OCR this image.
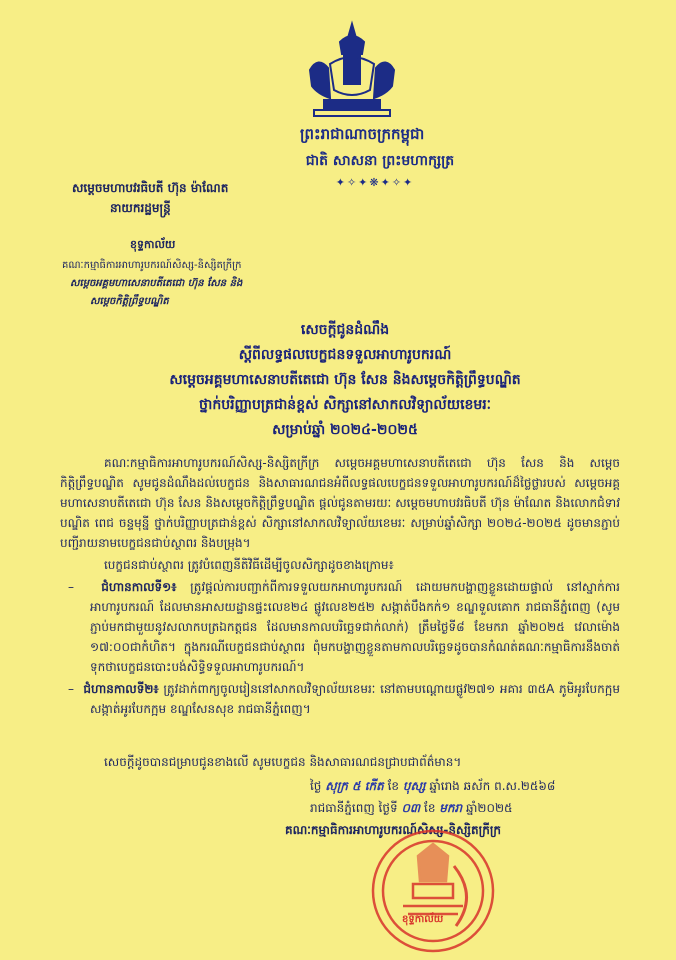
ព្រះរាជាណាចក្រកម្ពុជា
ជាតិ សាសនា ព្រះមហាក្សត្រ
✦✧✦❋✦✧✦
សម្ដេចមហាបវរធិបតី ហ៊ុន ម៉ាណែត
នាយករដ្ឋមន្ត្រី
ខុទ្ទកាល័យ
គណៈកម្មាធិការអាហារូបករណ៍សិស្ស-និស្សិតក្រីក្រ
សម្ដេចអគ្គមហាសេនាបតីតេជោ ហ៊ុន សែន និង
សម្ដេចកិត្តិព្រឹទ្ធបណ្ឌិត
សេចក្ដីជូនដំណឹង
ស្ដីពីលទ្ធផលបេក្ខជនទទួលអាហារូបករណ៍
សម្ដេចអគ្គមហាសេនាបតីតេជោ ហ៊ុន សែន និងសម្ដេចកិត្តិព្រឹទ្ធបណ្ឌិត
ថ្នាក់បរិញ្ញាបត្រជាន់ខ្ពស់ សិក្សានៅសាកលវិទ្យាល័យខេមរៈ
សម្រាប់ឆ្នាំ ២០២៤-២០២៥

គណៈកម្មាធិការអាហារូបករណ៍សិស្ស-និស្សិតក្រីក្រ សម្ដេចអគ្គមហាសេនាបតីតេជោ ហ៊ុន សែន និង សម្ដេចកិត្តិព្រឹទ្ធបណ្ឌិត សូមជូនដំណឹងដល់បេក្ខជន និងសាធារណជនអំពីលទ្ធផលបេក្ខជនទទួលអាហារូបករណ៍ដ៏ថ្លៃថ្លារបស់ សម្ដេចអគ្គមហាសេនាបតីតេជោ ហ៊ុន សែន និងសម្ដេចកិត្តិព្រឹទ្ធបណ្ឌិត ផ្ដល់ជូនតាមរយៈ សម្ដេចមហាបវរធិបតី ហ៊ុន ម៉ាណែត និងលោកជំទាវបណ្ឌិត ពេជ ចន្ទមុន្នី ថ្នាក់បរិញ្ញាបត្រជាន់ខ្ពស់ សិក្សានៅសាកលវិទ្យាល័យខេមរៈ សម្រាប់ឆ្នាំសិក្សា ២០២៤-២០២៥ ដូចមានភ្ជាប់បញ្ជីរាយនាមបេក្ខជនជាប់ស្ថាពរ និងបម្រុង។

បេក្ខជនជាប់ស្ថាពរ ត្រូវបំពេញនីតិវិធីដើម្បីចូលសិក្សាដូចខាងក្រោម៖

–  ជំហានកាលទី១៖ ត្រូវផ្ដល់ការបញ្ជាក់ពីការទទួលយកអាហារូបករណ៍ ដោយមកបង្ហាញខ្លួនដោយផ្ទាល់ នៅស្នាក់ការអាហារូបករណ៍ ដែលមានអាសយដ្ឋានផ្ទះលេខ២៤ ផ្លូវលេខ២៥២ សង្កាត់បឹងកក់១ ខណ្ឌទួលគោក រាជធានីភ្នំពេញ (សូមភ្ជាប់មកជាមួយនូវសលាកបត្រឯកត្តជន ដែលមានកាលបរិច្ឆេទជាក់លាក់) ត្រឹមថ្ងៃទី៨ ខែមករា ឆ្នាំ២០២៥ វេលាម៉ោង ១៧:០០ជាកំហិត។ ក្នុងករណីបេក្ខជនជាប់ស្ថាពរ ពុំមកបង្ហាញខ្លួនតាមកាលបរិច្ឆេទដូចបានកំណត់គណៈកម្មាធិការនឹងចាត់ទុកថាបេក្ខជនបោះបង់សិទ្ធិទទួលអាហារូបករណ៍។

–  ជំហានកាលទី២៖ ត្រូវដាក់ពាក្យចូលរៀននៅសាកលវិទ្យាល័យខេមរៈ នៅតាមបណ្ដោយផ្លូវ២៧១ អគារ ៣៥A ភូមិអូរបែកក្អម សង្កាត់អូរបែកក្អម ខណ្ឌសែនសុខ រាជធានីភ្នំពេញ។

សេចក្ដីដូចបានជម្រាបជូនខាងលើ សូមបេក្ខជន និងសាធារណជនជ្រាបជាព័ត៌មាន។
ថ្ងៃ សុក្រ ៥ កើត ខែ បុស្ស ឆ្នាំរោង ឆស័ក ព.ស.២៥៦៨
រាជធានីភ្នំពេញ ថ្ងៃទី ០៣ ខែ មករា ឆ្នាំ២០២៥
គណៈកម្មាធិការអាហារូបករណ៍សិស្ស-និស្សិតក្រីក្រ
ខុទ្ទកាល័យ
